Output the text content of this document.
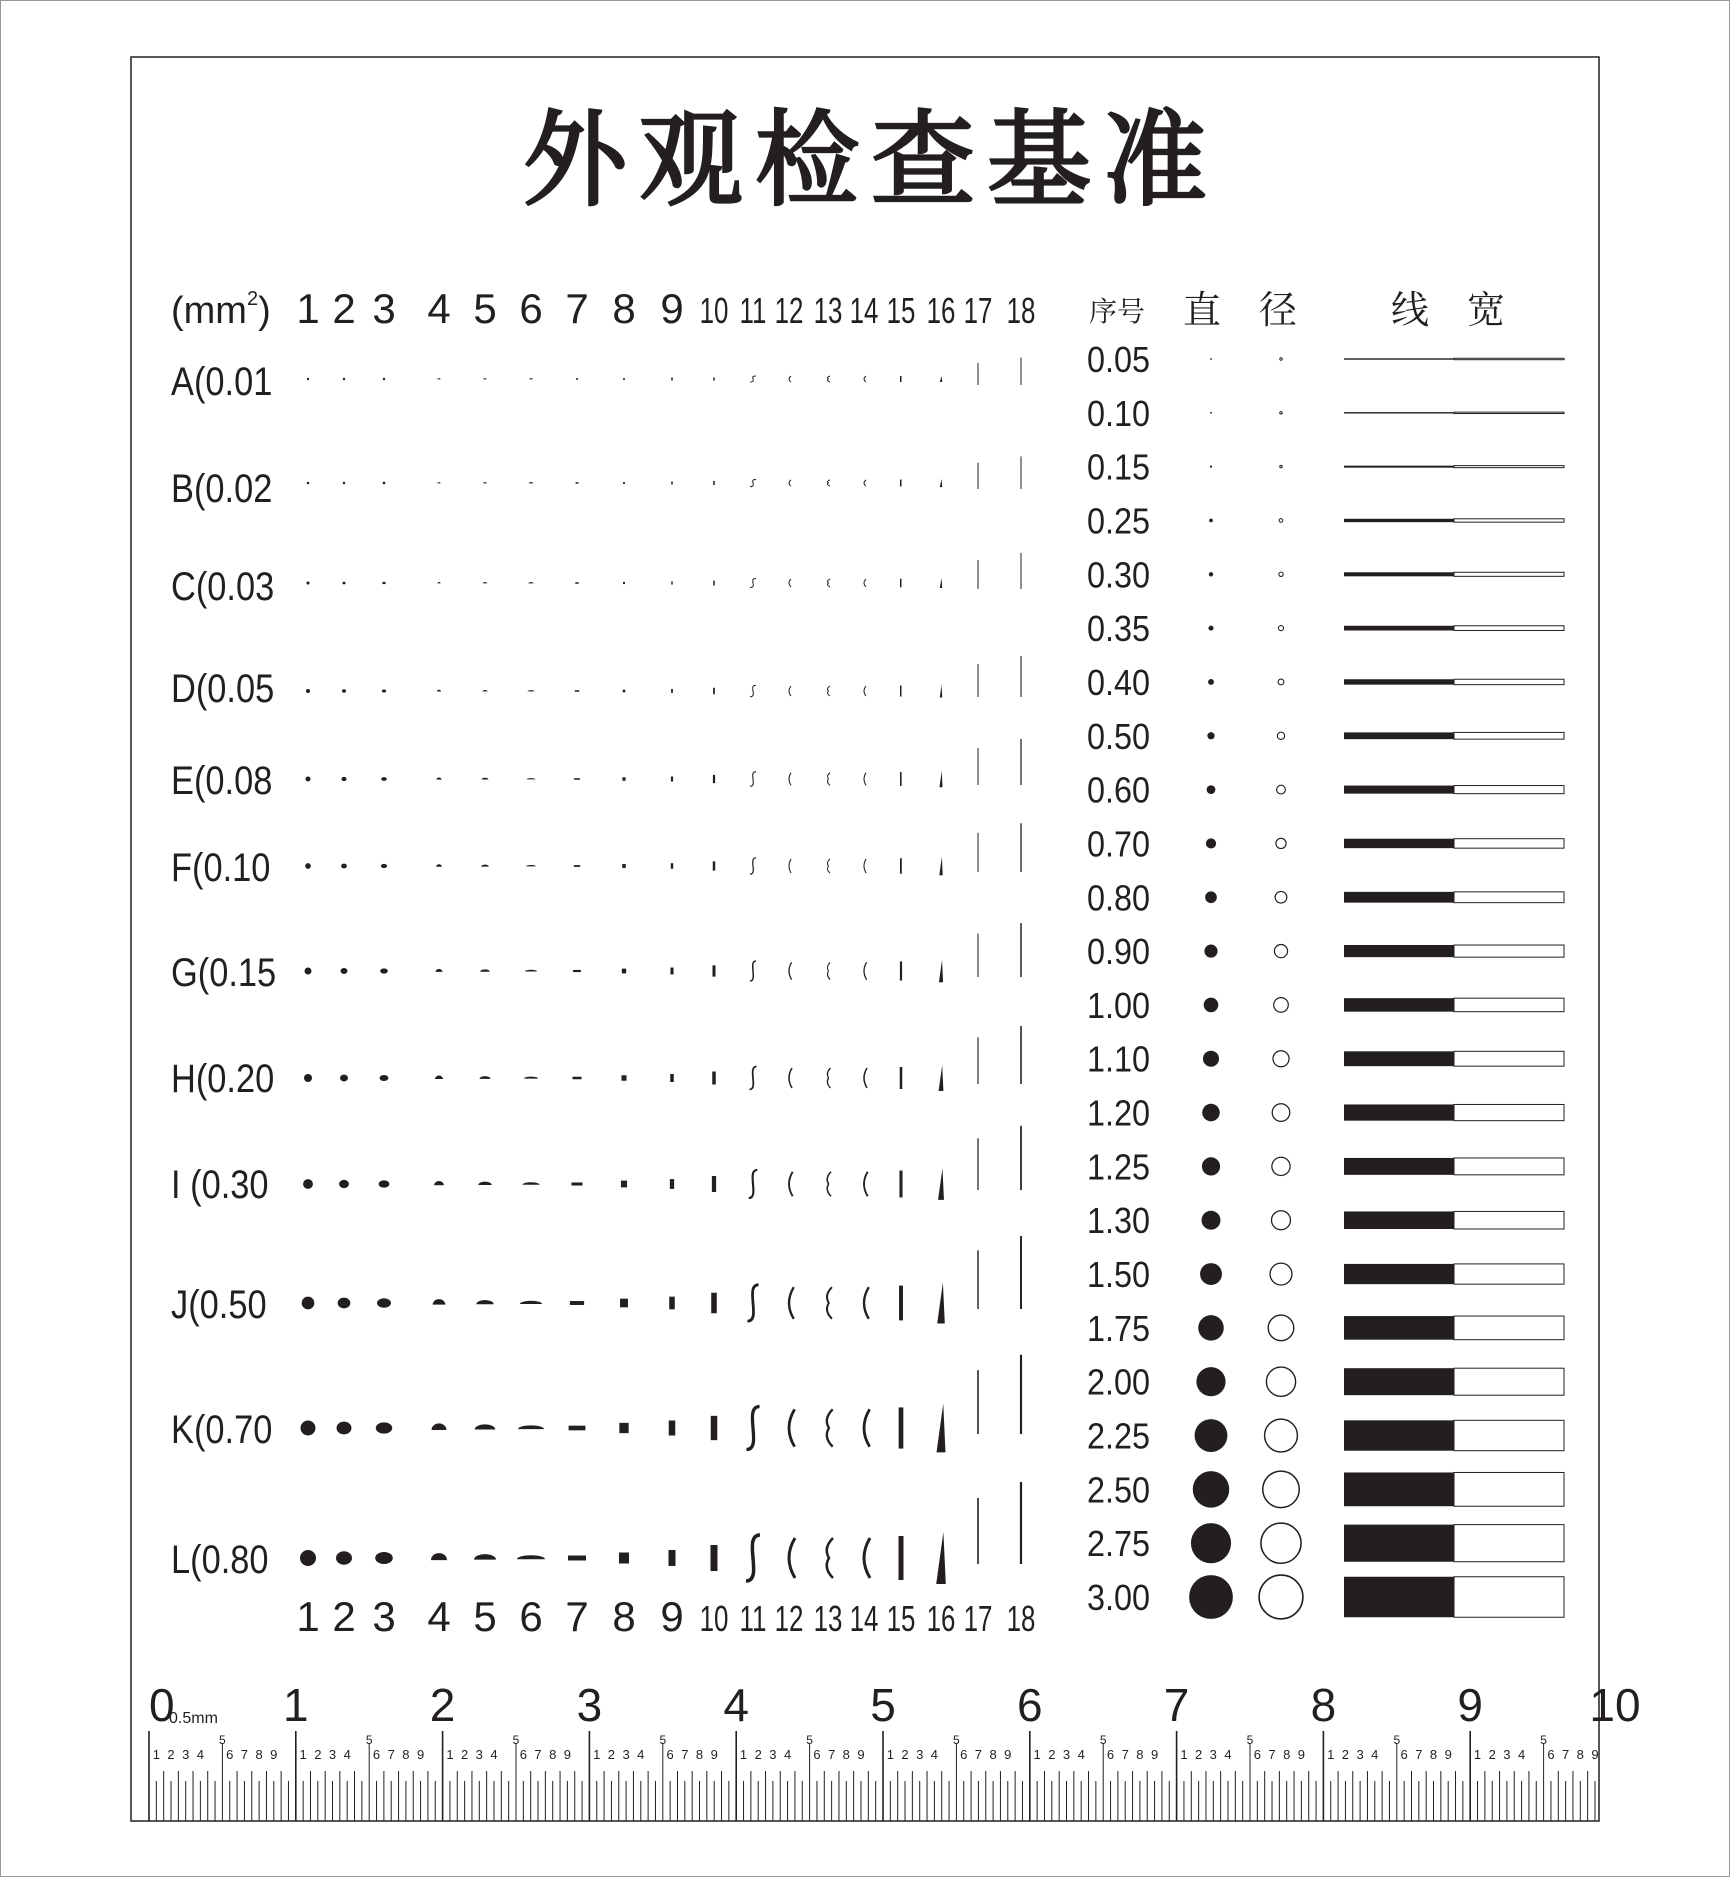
外观检查基准
$(mm^2)$ 1 2 3 4 5 6 7 8 9 10 11 12 13 14 15 16 17 18
1 2 3 4 5 6 7 8 9 10 11 12 13 14 15 16 17 18
A(0.01
B(0.02
C(0.03
D(0.05
E(0.08
F(0.10
G(0.15
H(0.20
I (0.30
J(0.50
K(0.70
L(0.80
序号 直　径 线　宽
0.05
0.10
0.15
0.25
0.30
0.35
0.40
0.50
0.60
0.70
0.80
0.90
1.00
1.10
1.20
1.25
1.30
1.50
1.75
2.00
2.25
2.50
2.75
3.00
0 1	2	3	4	5	6	7	8	9 10
0.5mm
1 2 3 4 6 7 8 9
5
1 2 3 4 6 7 8 9
5
1 2 3 4 6 7 8 9
5
1 2 3 4 6 7 8 9
5
1 2 3 4 6 7 8 9
5
1 2 3 4 6 7 8 9
5
1 2 3 4 6 7 8 9
5
1 2 3 4 6 7 8 9
5
1 2 3 4 6 7 8 9
5
1 2 3 4 6 7 8 9
5
